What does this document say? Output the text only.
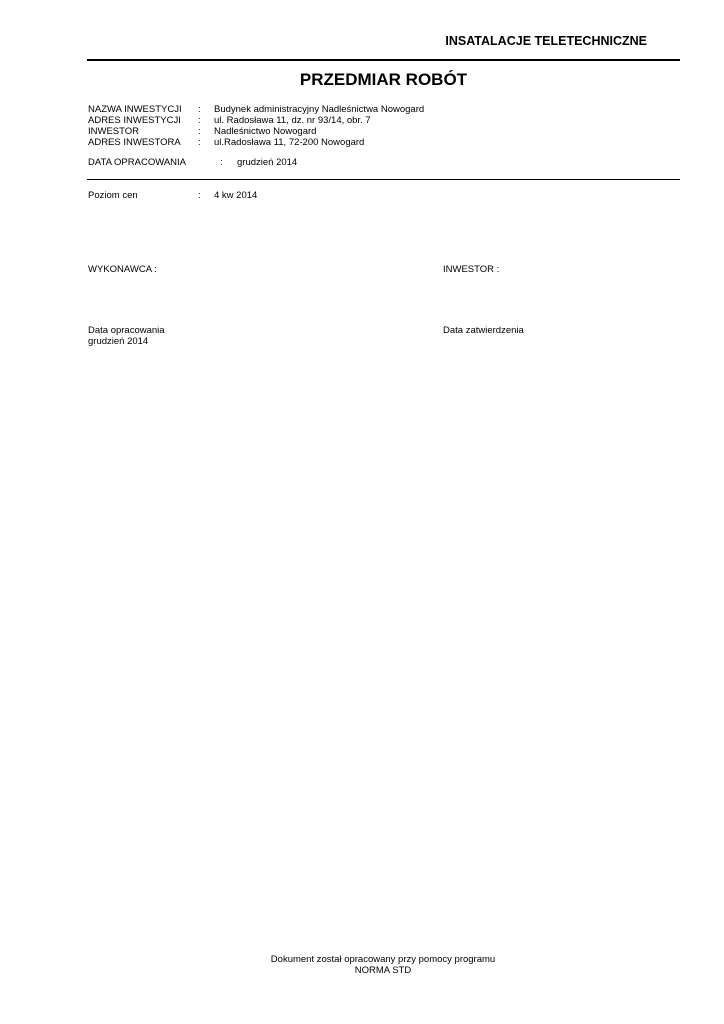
INSATALACJE TELETECHNICZNE
PRZEDMIAR ROBÓT
NAZWA INWESTYCJI : Budynek administracyjny Nadleśnictwa Nowogard
ADRES INWESTYCJI : ul. Radosława 11, dz. nr 93/14, obr. 7
INWESTOR	: Nadleśnictwo Nowogard
ADRES INWESTORA : ul.Radosława 11, 72-200 Nowogard
DATA OPRACOWANIA	: grudzień 2014
Poziom cen	: 4 kw 2014
WYKONAWCA :	INWESTOR :
Data opracowania
grudzień 2014
Data zatwierdzenia
Dokument został opracowany przy pomocy programu
NORMA STD
